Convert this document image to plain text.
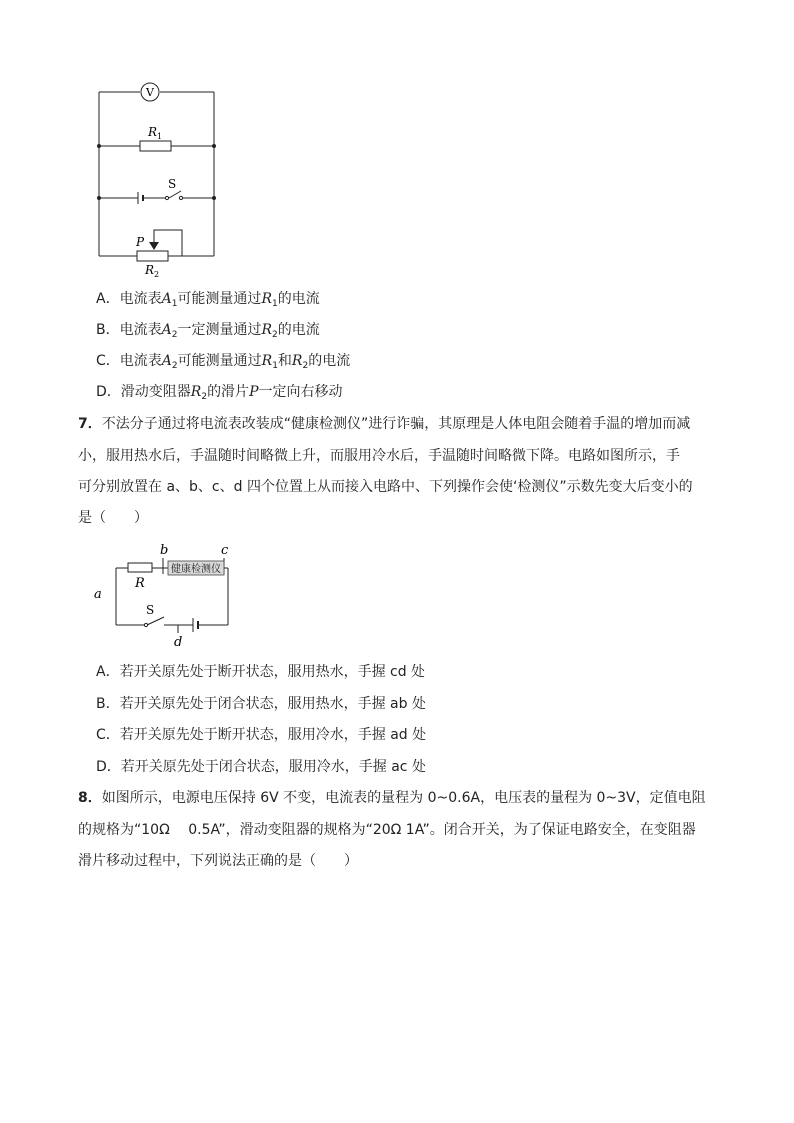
V
$R_1$
S
P
$R_2$
A．电流表$A_1$可能测量通过$R_1$的电流
B．电流表$A_2$一定测量通过$R_2$的电流
C．电流表$A_2$可能测量通过$R_1$和$R_2$的电流
D．滑动变阻器$R_2$的滑片P一定向右移动
7．不法分子通过将电流表改装成“健康检测仪”进行诈骗，其原理是人体电阻会随着手温的增加而减
小，服用热水后，手温随时间略微上升，而服用冷水后，手温随时间略微下降。电路如图所示，手
可分别放置在 a、b、c、d 四个位置上从而接入电路中、下列操作会使‘检测仪”示数先变大后变小的
是（　　）
健康检测仪
b	c
a
R
S
d
A．若开关原先处于断开状态，服用热水，手握 cd 处
B．若开关原先处于闭合状态，服用热水，手握 ab 处
C．若开关原先处于断开状态，服用冷水，手握 ad 处
D．若开关原先处于闭合状态，服用冷水，手握 ac 处
8．如图所示，电源电压保持 6V 不变，电流表的量程为 0~0.6A，电压表的量程为 0~3V，定值电阻
的规格为“10Ω　 0.5A”，滑动变阻器的规格为“20Ω 1A”。闭合开关，为了保证电路安全，在变阻器
滑片移动过程中，下列说法正确的是（　　）
